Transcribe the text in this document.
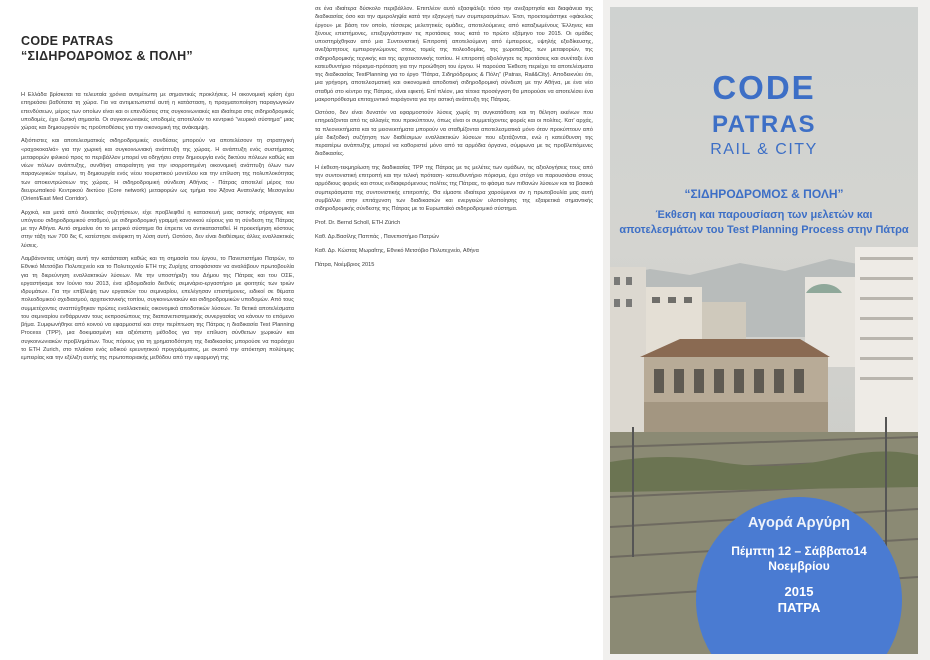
CODE PATRAS
“ΣΙΔΗΡΟΔΡΟΜΟΣ & ΠΟΛΗ”

Η Ελλάδα βρίσκεται τα τελευταία χρόνια αντιμέτωπη με σημαντικές προκλήσεις. Η οικονομική κρίση έχει επηρεάσει βαθύτατα τη χώρα. Για να αντιμετωπιστεί αυτή η κατάσταση, η πραγματοποίηση παραγωγικών επενδύσεων, μέρος των οποίων είναι και οι επενδύσεις στις συγκοινωνιακές και ιδιαίτερα στις σιδηροδρομικές υποδομές, έχει ζωτική σημασία. Οι συγκοινωνιακές υποδομές αποτελούν το κεντρικό “νευρικό σύστημα” μιας χώρας και δημιουργούν τις προϋποθέσεις για την οικονομική της ανάκαμψη.

Αξιόπιστες και αποτελεσματικές σιδηροδρομικές συνδέσεις μπορούν να αποτελέσουν τη στρατηγική «ραχοκοκαλιά» για την χωρική και συγκοινωνιακή ανάπτυξη της χώρας. Η ανάπτυξη ενός συστήματος μεταφορών φιλικού προς το περιβάλλον μπορεί να οδηγήσει στην δημιουργία ενός δικτύου πόλεων καθώς και νέων πόλων ανάπτυξης, συνθήκη απαραίτητη για την ισορροπημένη οικονομική ανάπτυξη όλων των παραγωγικών τομέων, τη δημιουργία ενός νέου τουριστικού μοντέλου και την επίλυση της πολυπλοκότητας των αποκεντρώσεων της χώρας. Η σιδηροδρομική σύνδεση Αθήνας - Πάτρας αποτελεί μέρος του διευρωπαϊκού Κεντρικού δικτύου (Core network) μεταφορών ως τμήμα του Άξονα Ανατολικής Μεσογείου (Orient/East Med Corridor).

Αρχικά, και μετά από δεκαετίες συζητήσεων, είχε προβλεφθεί η κατασκευή μιας αστικής σήραγγας και υπόγειου σιδηροδρομικού σταθμού, με σιδηροδρομική γραμμή κανονικού εύρους για τη σύνδεση της Πάτρας με την Αθήνα. Αυτό σημαίνει ότι το μετρικό σύστημα θα έπρεπε να αντικατασταθεί. Η προεκτίμηση κόστους στην τάξη των 700 δις €, κατέστησε ανέφικτη τη λύση αυτή. Ωστόσο, δεν είναι διαθέσιμες άλλες εναλλακτικές λύσεις.

Λαμβάνοντας υπόψη αυτή την κατάσταση καθώς και τη σημασία του έργου, το Πανεπιστήμιο Πατρών, το Εθνικό Μετσόβιο Πολυτεχνείο και το Πολυτεχνείο ETH της Ζυρίχης αποφάσισαν να αναλάβουν πρωτοβουλία για τη διερεύνηση εναλλακτικών λύσεων. Με την υποστήριξη του Δήμου της Πάτρας και του ΟΣΕ, εργαστήκαμε τον Ιούνιο του 2013, ένα εβδομαδιαίο διεθνές σεμινάριο-εργαστήριο με φοιτητές των τριών ιδρυμάτων. Για την επίβλεψη των εργασιών του σεμιναρίου, επελέγησαν επιστήμονες, ειδικοί σε θέματα πολεοδομικού σχεδιασμού, αρχιτεκτονικής τοπίου, συγκοινωνιακών και σιδηροδρομικών υποδομών. Από τους συμμετέχοντες αναπτύχθηκαν πρώτες εναλλακτικές οικονομικά αποδοτικών λύσεων. Τα θετικά αποτελέσματα του σεμιναρίου ενθάρρυναν τους εκπροσώπους της διαπανεπιστημιακής συνεργασίας να κάνουν το επόμενο βήμα. Συμφωνήθηκε από κοινού να εφαρμοστεί και στην περίπτωση της Πάτρας η διαδικασία Test Planning Process (TPP), μια δοκιμασμένη και αξιόπιστη μέθοδος για την επίλυση σύνθετων χωρικών και συγκοινωνιακών προβλημάτων. Τους πόρους για τη χρηματοδότηση της διαδικασίας μπορούσε να παράσχει το ETH Zurich, στο πλαίσιο ενός ειδικού ερευνητικού προγράμματος, με σκοπό την απόκτηση πολύτιμης εμπειρίας και την εξέλιξη αυτής της πρωτοποριακής μεθόδου από την εφαρμογή της

σε ένα ιδιαίτερα δύσκολο περιβάλλον. Επιπλέον αυτό εξασφάλιζε τόσο την ανεξαρτησία και διαφάνεια της διαδικασίας όσο και την αμεροληψία κατά την εξαγωγή των συμπερασμάτων. Έτσι, προετοιμάστηκε «φάκελος έργου» με βάση τον οποίο, τέσσερις μελετητικές ομάδες, αποτελούμενες από καταξιωμένους Έλληνες και ξένους επιστήμονες, επεξεργάστηκαν τις προτάσεις τους κατά το πρώτο εξάμηνο του 2015. Οι ομάδες υποστηρίχθηκαν από μια Συντονιστική Επιτροπή αποτελούμενη από έμπειρους, υψηλής εξειδίκευσης, ανεξάρτητους εμπειρογνώμονες στους τομείς της πολεοδομίας, της χωροταξίας, των μεταφορών, της σιδηροδρομικής τεχνικής και της αρχιτεκτονικής τοπίου. Η επιτροπή αξιολόγησε τις προτάσεις και συνέταξε ένα κατευθυντήριο πόρισμα-πρόταση για την προώθηση του έργου. Η παρούσα Έκθεση περιέχει τα αποτελέσματα της διαδικασίας TestPlanning για το έργο “Πάτρα, Σιδηρόδρομος & Πόλη” (Patras, Rail&City). Αποδεικνύει ότι, μια γρήγορη, αποτελεσματική και οικονομικά αποδοτική σιδηροδρομική σύνδεση με την Αθήνα, με ένα νέο σταθμό στο κέντρο της Πάτρας, είναι εφικτή. Επί πλέον, μια τέτοια προσέγγιση θα μπορούσε να αποτελέσει ένα μακροπρόθεσμα επιταχυντικό παράγοντα για την αστική ανάπτυξη της Πάτρας.

Ωστόσο, δεν είναι δυνατόν να εφαρμοστούν λύσεις χωρίς τη συγκατάθεση και τη θέληση εκείνων που επηρεάζονται από τις αλλαγές που προκύπτουν, όπως είναι οι συμμετέχοντες φορείς και οι πολίτες. Κατ' αρχάς, τα πλεονεκτήματα και τα μειονεκτήματα μπορούν να σταθμίζονται αποτελεσματικά μόνο όταν προκύπτουν από μία διεξοδική συζήτηση των διαθέσιμων εναλλακτικών λύσεων που εξετάζονται, ενώ η κατεύθυνση της περαιτέρω ανάπτυξης μπορεί να καθοριστεί μόνο από τα αρμόδια όργανα, σύμφωνα με τις προβλεπόμενες διαδικασίες.

Η έκθεση-τεκμηρίωση της διαδικασίας TPP της Πάτρας με τις μελέτες των ομάδων, τις αξιολογήσεις τους από την συντονιστική επιτροπή και την τελική πρόταση- κατευθυντήριο πόρισμα, έχει στόχο να παρουσιάσει στους αρμόδιους φορείς και στους ενδιαφερόμενους πολίτες της Πάτρας, το φάσμα των πιθανών λύσεων και τα βασικά συμπεράσματα της συντονιστικής επιτροπής. Θα είμαστε ιδιαίτερα χαρούμενοι αν η πρωτοβουλία μας αυτή συμβάλλει στην επιτάχυνση των διαδικασιών και ενεργειών υλοποίησης της εξαιρετικά σημαντικής σιδηροδρομικής σύνδεσης της Πάτρας με το Ευρωπαϊκό σιδηροδρομικό σύστημα.

Prof. Dr. Bernd Scholl, ETH Zürich

Καθ. Δρ.Βασίλης Παππάς , Πανεπιστήμιο Πατρών

Καθ. Δρ. Κώστας Μωραΐτης, Εθνικό Μετσόβιο Πολυτεχνείο, Αθήνα

Πάτρα, Νοέμβριος 2015

CODE
PATRAS
RAIL & CITY
“ΣΙΔΗΡΟΔΡΟΜΟΣ & ΠΟΛΗ”
Έκθεση και παρουσίαση των μελετών και
αποτελεσμάτων του Test Planning Process στην Πάτρα
Αγορά Αργύρη
Πέμπτη 12 – Σάββατο14
Νοεμβρίου
2015
ΠΑΤΡΑ
